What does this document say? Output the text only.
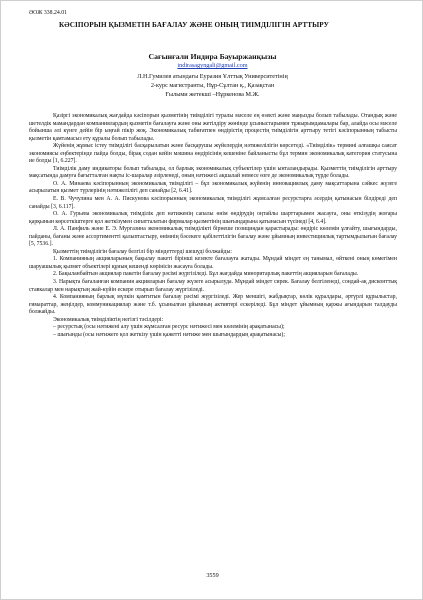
ӘОЖ 338.24.01
КӘСІПОРЫН ҚЫЗМЕТІН БАҒАЛАУ ЖӘНЕ ОНЫҢ ТИІМДІЛІГІН АРТТЫРУ
Сағынғали Индира Бауыржанқызы
indirasagyngali@gmail.com
Л.Н.Гумилев атындағы Еуразия Ұлттық Университетінің
2-курс магистранты, Нұр-Сұлтан қ., Қазақстан
Ғылыми жетекші –Нұркенова М.Ж.

Қазіргі экономикалық жағдайда кәсіпорын қызметінің тиімділігі туралы мәселе ең өзекті және маңызды болып табылады. Отандық және шетелдік мамандардан компаниялардың қызметін бағалауға және оны жетілдіру жөнінде ұсыныстарымен тұжырымдамалары бар, алайда осы мәселе бойынша әлі күнге дейін бір ыңғай пікір жоқ. Экономикалық табиғатпен өндірістің процестің тиімділігін арттыру тетігі кәсіпорынның табысты қызметін қамтамасыз ету құралы болып табылады.

Жүйенің жұмыс істеу тиімділігі басқарылатын және басқарушы жүйелердің нәтижелілігін көрсетеді. «Тиімділік» термині алғашқы саясат экономиясы еңбектерінде пайда болды, бірақ содан кейін мәшина өндірісінің кешеніне байланысты бұл термин экономикалық категория статусына ие болды [1, 6.227].

Тиімділік даму индикаторы болып табылады, ол барлық экономикалық субъектілер үшін ынталандырады. Қызметтің тиімділігін арттыру мақсатында дамуға бағытталған нақты іс-шаралар әзірленеді, оның нәтижесі ақшалай немесе өзге де экономикалық түрде болады.

О. А. Минаева кәсіпорынның экономикалық тиімділігі – бұл экономикалық жүйенің инновациялық даму мақсаттарына сәйкес жүзеге асырылатын қызмет түрлерінің нәтижелілігі деп санайды [2, 6.41].

Е. В. Чучулина мен А. А. Пяскунова кәсіпорынның экономикалық тиімділігі жұмсалған ресурстарға әсердің қатынасын білдіреді деп санайды [3, 6.117].

О. А. Гурьева экономикалық тиімділік деп нәтиженің сапалы өнім өндірудің оңтайлы шарттарымен жасауға, оны өткізудің жоғары қарқынын көрсеткіштерге қол жеткізумен сипатталатын фирмалар қызметінің шығындарына қатынасын түсінеді [4, 6.4].

Л. А. Панфиль және Е. Э. Мургазина экономикалық тиімділікті бірнеше позициядан қарастырады: өндіріс көлемін ұлғайту, шығындарды, пайданы, бағаны және ассортиментті қалыптастыру, өнімнің бәсекеге қабілеттілігін бағалау және ұйымның инвестициялық тартымдылығын бағалау [5, 7536.].

Қызметтің тиімділігін бағалау белгілі бір міндеттерді шешуді болжайды:

1. Компанияның акцияларының бақылау пакеті бірінші кезекте бағалауға жатады. Мұндай міндет ең танымал, өйткені оның көмегімен шаруашылық қызмет объектілері құның кешенді көрінісін жасауға болады.

2. Бақыланбайтын акциялар пакетін бағалау рәсімі жүргізіледі. Бұл жағдайда миноритарлық пакеттің акцияларын бағалады.

3. Нарықта бағаланған компания акцияларын бағалау жүзеге асырылуда. Мұндай міндет сирек. Бағалау белгіленеді, сондай-ақ дисконттық ставкалар мен нарықтың жай-күйін ескере отырып бағалау жүргізіледі.

4. Компанияның барлық мүлкін қамтитын бағалау рәсімі жүргізіледі. Жер меншігі, жабдықтар, көлік құралдары, әртүрлі құрылыстар, ғимараттар, жеңілдер, коммуникациялар және т.б. ұсынылған ұйымның активтері ескеріледі. Бұл міндет ұйымның қаржы ағындарын талдауды болжайды.

Экономикалық тиімділіктің негізгі тәсілдері:

– ресурстық (осы нәтижені алу үшін жұмсалған ресурс нәтижесі мен көлемінің арақатынасы);

– шығынды (осы нәтижеге қол жеткізу үшін қажетті нәтиже мен шығындардың арақатынасы);

3559
